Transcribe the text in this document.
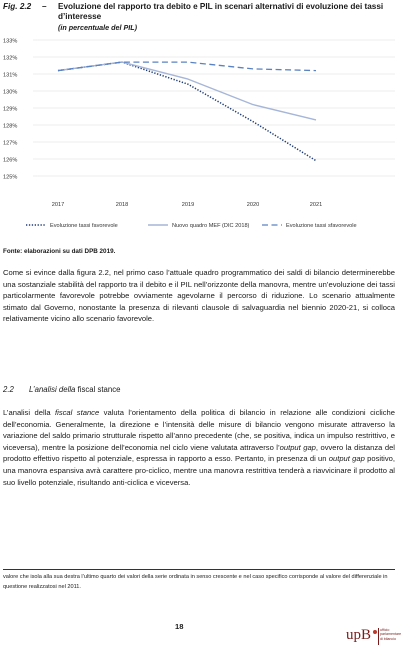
Fig. 2.2 – Evoluzione del rapporto tra debito e PIL in scenari alternativi di evoluzione dei tassi d’interesse
(in percentuale del PIL)
133%
132%
131%
130%
129%
128%
127%
126%
125%
2017	2018	2019	2020	2021
Evoluzione tassi favorevole	Nuovo quadro MEF (DIC 2018)	Evoluzione tassi sfavorevole
Fonte: elaborazioni su dati DPB 2019.
Come si evince dalla figura 2.2, nel primo caso l’attuale quadro programmatico dei saldi di bilancio determinerebbe una sostanziale stabilità del rapporto tra il debito e il PIL nell’orizzonte della manovra, mentre un’evoluzione dei tassi particolarmente favorevole potrebbe ovviamente agevolarne il percorso di riduzione. Lo scenario attualmente stimato dal Governo, nonostante la presenza di rilevanti clausole di salvaguardia nel biennio 2020-21, si colloca relativamente vicino allo scenario favorevole.
2.2 L’analisi della fiscal stance
L’analisi della fiscal stance valuta l’orientamento della politica di bilancio in relazione alle condizioni cicliche dell’economia. Generalmente, la direzione e l’intensità delle misure di bilancio vengono misurate attraverso la variazione del saldo primario strutturale rispetto all’anno precedente (che, se positiva, indica un impulso restrittivo, e viceversa), mentre la posizione dell’economia nel ciclo viene valutata attraverso l’output gap, ovvero la distanza del prodotto effettivo rispetto al potenziale, espressa in rapporto a esso. Pertanto, in presenza di un output gap positivo, una manovra espansiva avrà carattere pro-ciclico, mentre una manovra restrittiva tenderà a riavvicinare il prodotto al suo livello potenziale, risultando anti-ciclica e viceversa.
valore che isola alla sua destra l’ultimo quarto dei valori della serie ordinata in senso crescente e nel caso specifico corrisponde al valore del differenziale in questione realizzatosi nel 2011.
18
upB ufficio
parlamentare
di bilancio
